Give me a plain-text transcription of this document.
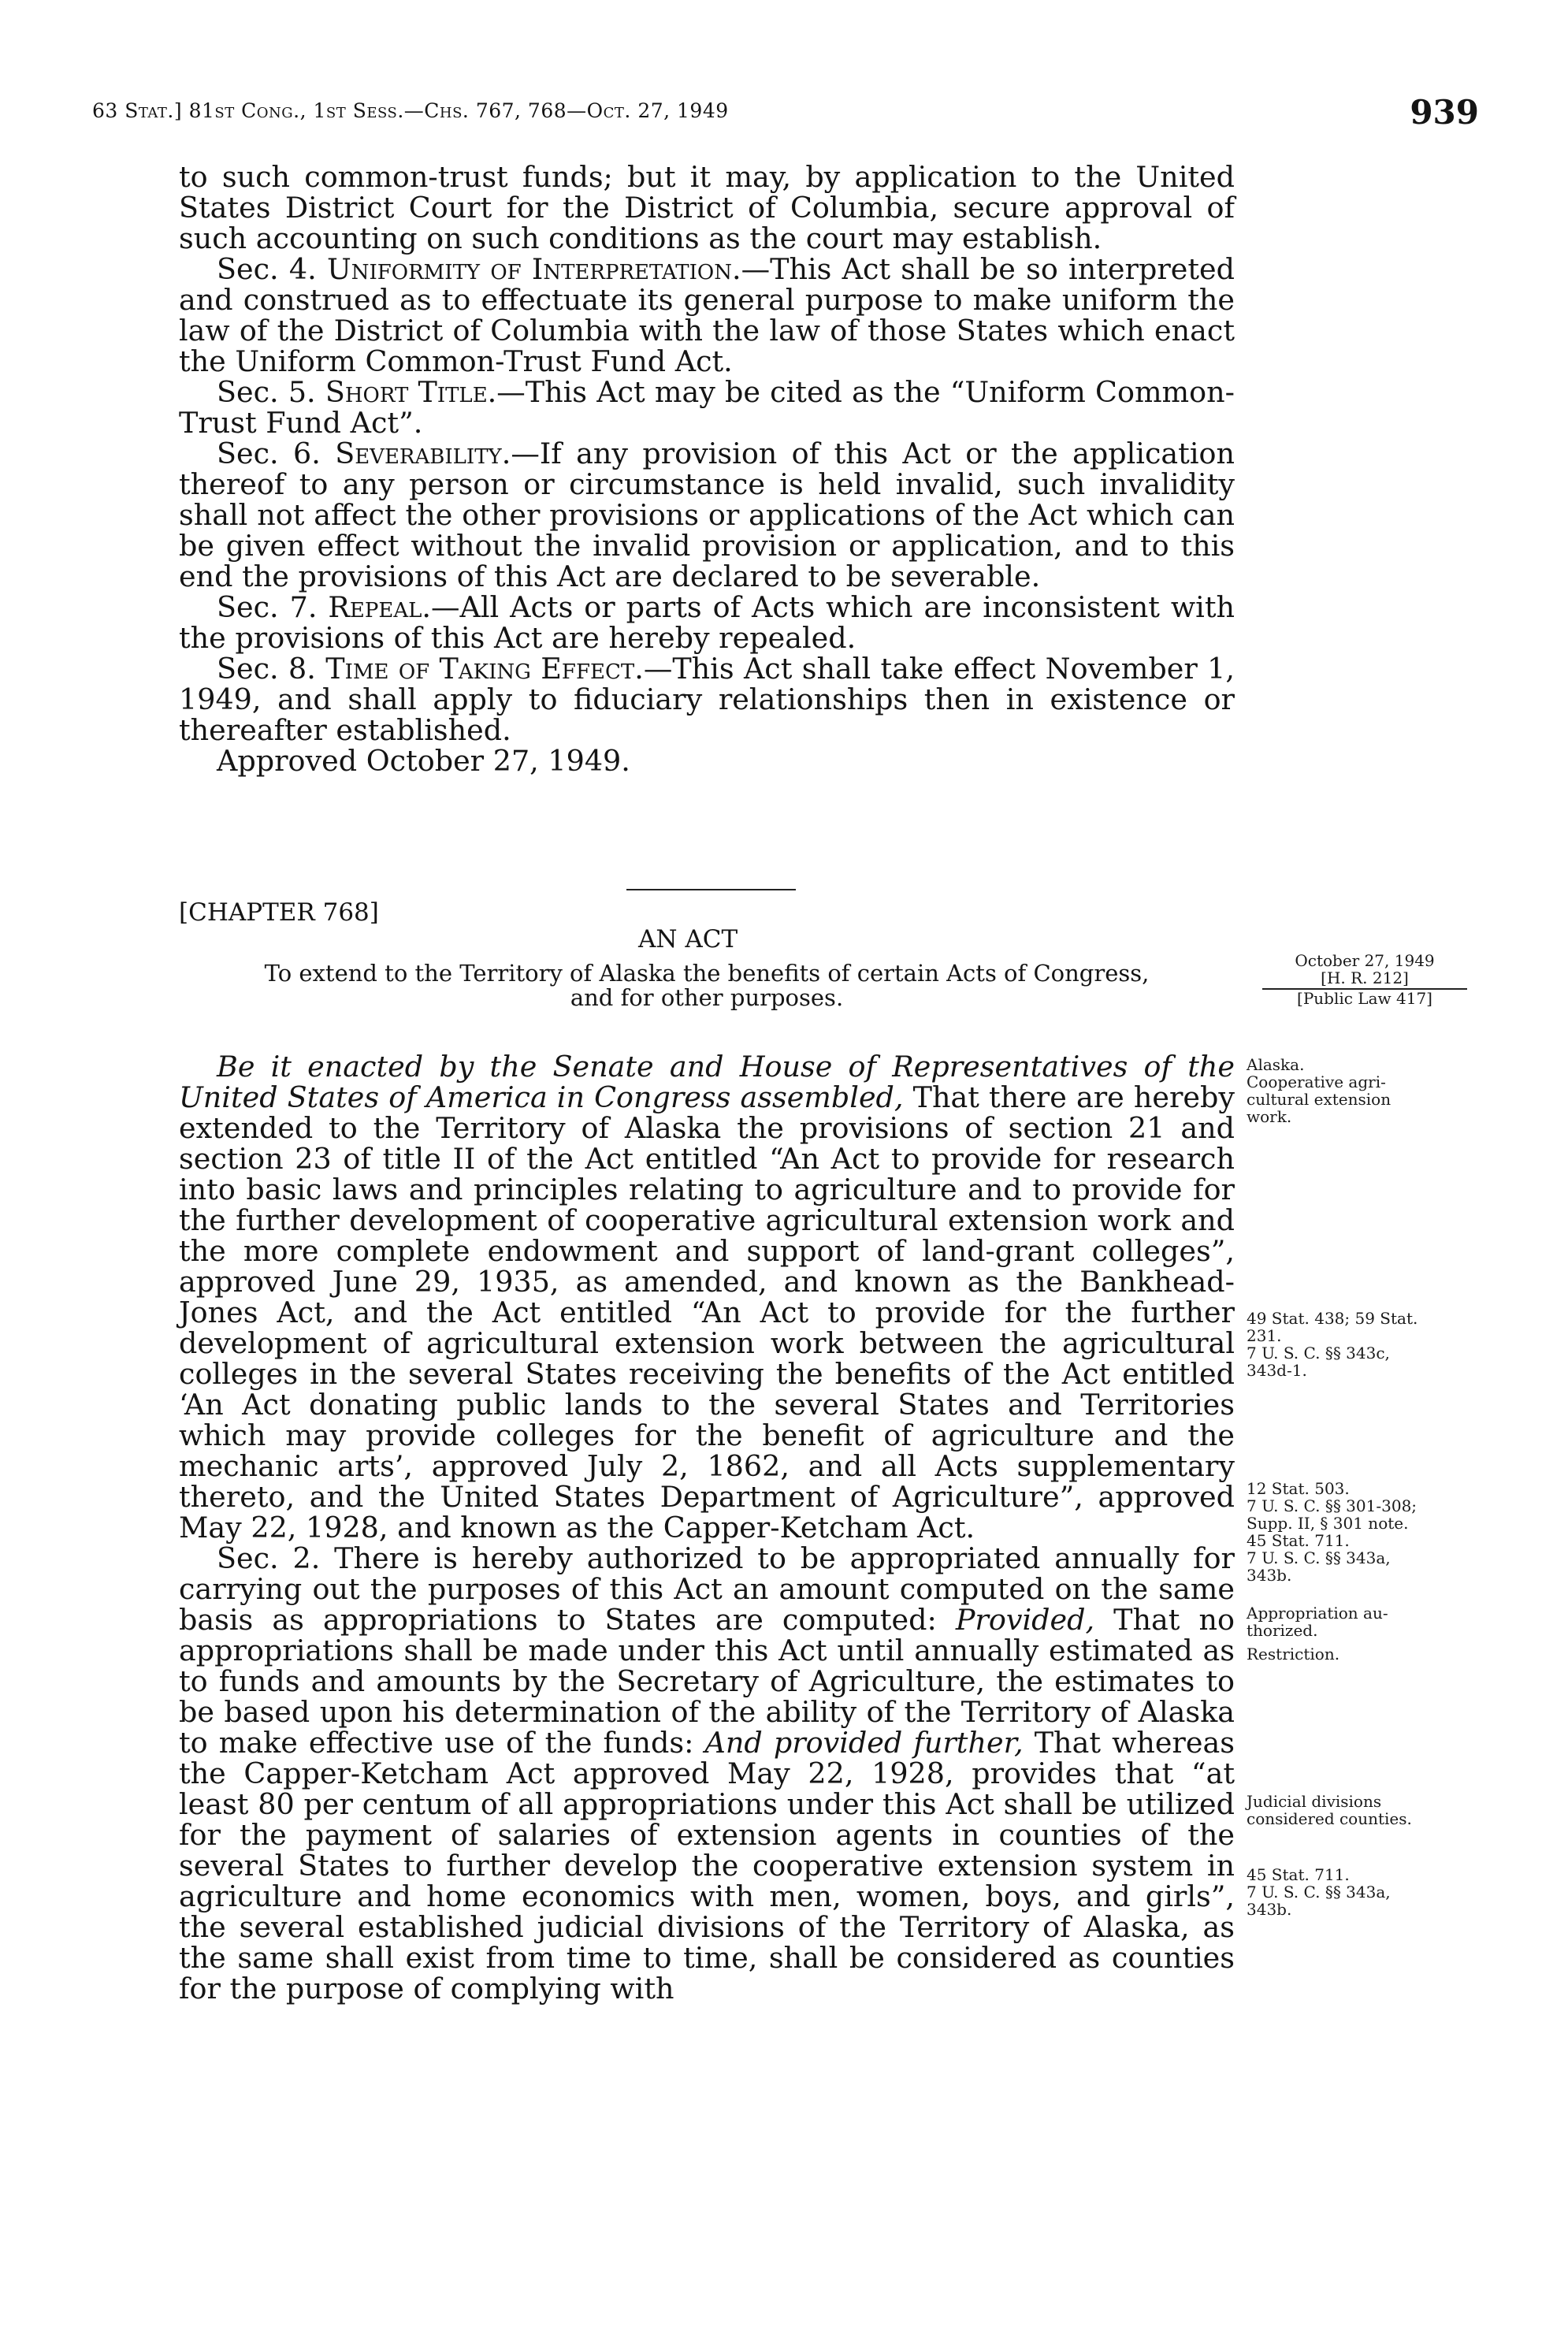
63 Stat.] 81st Cong., 1st Sess.—Chs. 767, 768—Oct. 27, 1949	939

to such common-trust funds; but it may, by application to the United States District Court for the District of Columbia, secure approval of such accounting on such conditions as the court may establish.

Sec. 4. Uniformity of Interpretation.—This Act shall be so interpreted and construed as to effectuate its general purpose to make uniform the law of the District of Columbia with the law of those States which enact the Uniform Common-Trust Fund Act.

Sec. 5. Short Title.—This Act may be cited as the “Uniform Common-Trust Fund Act”.

Sec. 6. Severability.—If any provision of this Act or the application thereof to any person or circumstance is held invalid, such invalidity shall not affect the other provisions or applications of the Act which can be given effect without the invalid provision or application, and to this end the provisions of this Act are declared to be severable.

Sec. 7. Repeal.—All Acts or parts of Acts which are inconsistent with the provisions of this Act are hereby repealed.

Sec. 8. Time of Taking Effect.—This Act shall take effect November 1, 1949, and shall apply to fiduciary relationships then in existence or thereafter established.

Approved October 27, 1949.

[CHAPTER 768]
AN ACT
To extend to the Territory of Alaska the benefits of certain Acts of Congress,
and for other purposes.
October 27, 1949
[H. R. 212]
[Public Law 417]

Be it enacted by the Senate and House of Representatives of the United States of America in Congress assembled, That there are hereby extended to the Territory of Alaska the provisions of section 21 and section 23 of title II of the Act entitled “An Act to provide for research into basic laws and principles relating to agriculture and to provide for the further development of cooperative agricultural extension work and the more complete endowment and support of land-grant colleges”, approved June 29, 1935, as amended, and known as the Bankhead-Jones Act, and the Act entitled “An Act to provide for the further development of agricultural extension work between the agricultural colleges in the several States receiving the benefits of the Act entitled ‘An Act donating public lands to the several States and Territories which may provide colleges for the benefit of agriculture and the mechanic arts’, approved July 2, 1862, and all Acts supplementary thereto, and the United States Department of Agriculture”, approved May 22, 1928, and known as the Capper-Ketcham Act.

Sec. 2. There is hereby authorized to be appropriated annually for carrying out the purposes of this Act an amount computed on the same basis as appropriations to States are computed: Provided, That no appropriations shall be made under this Act until annually estimated as to funds and amounts by the Secretary of Agriculture, the estimates to be based upon his determination of the ability of the Territory of Alaska to make effective use of the funds: And provided further, That whereas the Capper-Ketcham Act approved May 22, 1928, provides that “at least 80 per centum of all appropriations under this Act shall be utilized for the payment of salaries of extension agents in counties of the several States to further develop the cooperative extension system in agriculture and home economics with men, women, boys, and girls”, the several established judicial divisions of the Territory of Alaska, as the same shall exist from time to time, shall be considered as counties for the purpose of complying with

Alaska.
Cooperative agri-
cultural extension
work.
49 Stat. 438; 59 Stat.
231.
7 U. S. C. §§ 343c,
343d-1.
12 Stat. 503.
7 U. S. C. §§ 301-308;
Supp. II, § 301 note.
45 Stat. 711.
7 U. S. C. §§ 343a,
343b.
Appropriation au-
thorized.
Restriction.
Judicial divisions
considered counties.
45 Stat. 711.
7 U. S. C. §§ 343a,
343b.
